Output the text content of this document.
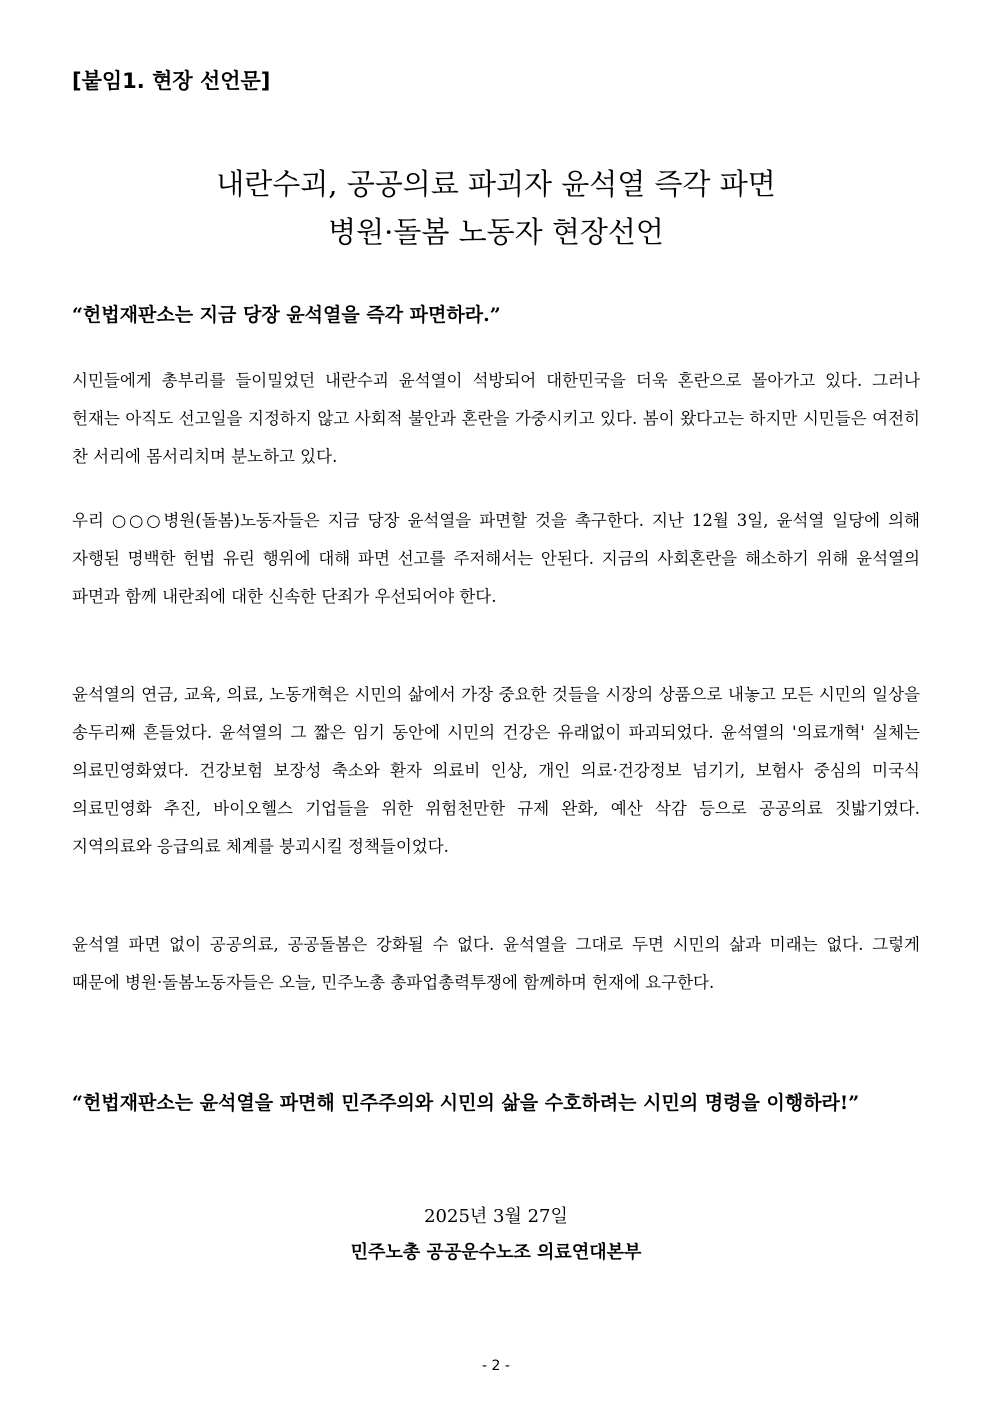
[붙임1. 현장 선언문]
내란수괴, 공공의료 파괴자 윤석열 즉각 파면
병원·돌봄 노동자 현장선언
“헌법재판소는 지금 당장 윤석열을 즉각 파면하라.”

시민들에게 총부리를 들이밀었던 내란수괴 윤석열이 석방되어 대한민국을 더욱 혼란으로 몰아가고 있다. 그러나 헌재는 아직도 선고일을 지정하지 않고 사회적 불안과 혼란을 가중시키고 있다. 봄이 왔다고는 하지만 시민들은 여전히 찬 서리에 몸서리치며 분노하고 있다.

우리 ○○○병원(돌봄)노동자들은 지금 당장 윤석열을 파면할 것을 촉구한다. 지난 12월 3일, 윤석열 일당에 의해 자행된 명백한 헌법 유린 행위에 대해 파면 선고를 주저해서는 안된다. 지금의 사회혼란을 해소하기 위해 윤석열의 파면과 함께 내란죄에 대한 신속한 단죄가 우선되어야 한다.

윤석열의 연금, 교육, 의료, 노동개혁은 시민의 삶에서 가장 중요한 것들을 시장의 상품으로 내놓고 모든 시민의 일상을 송두리째 흔들었다. 윤석열의 그 짧은 임기 동안에 시민의 건강은 유래없이 파괴되었다. 윤석열의 '의료개혁' 실체는 의료민영화였다. 건강보험 보장성 축소와 환자 의료비 인상, 개인 의료·건강정보 넘기기, 보험사 중심의 미국식 의료민영화 추진, 바이오헬스 기업들을 위한 위험천만한 규제 완화, 예산 삭감 등으로 공공의료 짓밟기였다. 지역의료와 응급의료 체계를 붕괴시킬 정책들이었다.

윤석열 파면 없이 공공의료, 공공돌봄은 강화될 수 없다. 윤석열을 그대로 두면 시민의 삶과 미래는 없다. 그렇게 때문에 병원·돌봄노동자들은 오늘, 민주노총 총파업총력투쟁에 함께하며 헌재에 요구한다.

“헌법재판소는 윤석열을 파면해 민주주의와 시민의 삶을 수호하려는 시민의 명령을 이행하라!”
2025년 3월 27일
민주노총 공공운수노조 의료연대본부
- 2 -
